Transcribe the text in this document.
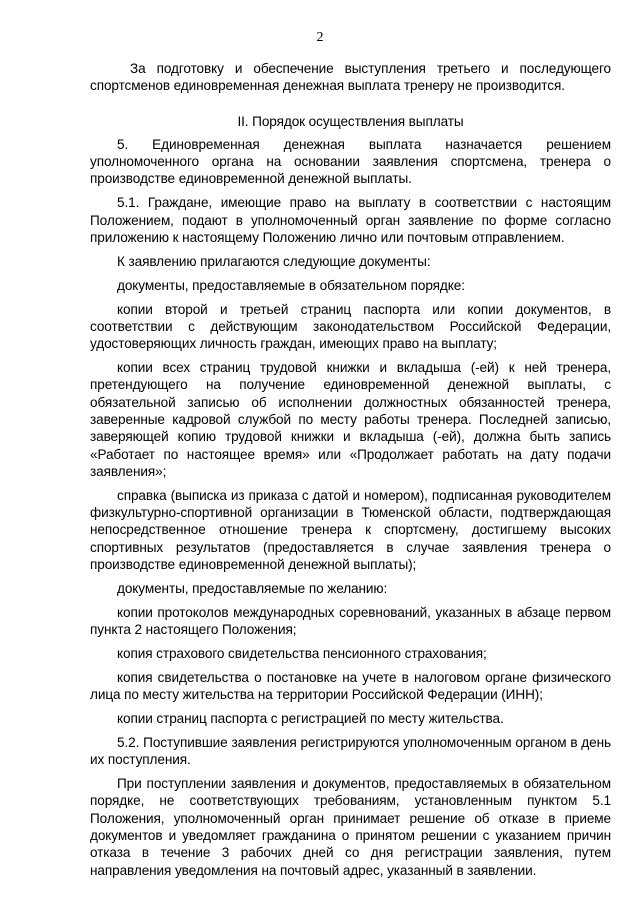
2

За подготовку и обеспечение выступления третьего и последующего спортсменов единовременная денежная выплата тренеру не производится.

II. Порядок осуществления выплаты

5. Единовременная денежная выплата назначается решением уполномоченного органа на основании заявления спортсмена, тренера о производстве единовременной денежной выплаты.

5.1. Граждане, имеющие право на выплату в соответствии с настоящим Положением, подают в уполномоченный орган заявление по форме согласно приложению к настоящему Положению лично или почтовым отправлением.

К заявлению прилагаются следующие документы:

документы, предоставляемые в обязательном порядке:

копии второй и третьей страниц паспорта или копии документов, в соответствии с действующим законодательством Российской Федерации, удостоверяющих личность граждан, имеющих право на выплату;

копии всех страниц трудовой книжки и вкладыша (-ей) к ней тренера, претендующего на получение единовременной денежной выплаты, с обязательной записью об исполнении должностных обязанностей тренера, заверенные кадровой службой по месту работы тренера. Последней записью, заверяющей копию трудовой книжки и вкладыша (-ей), должна быть запись «Работает по настоящее время» или «Продолжает работать на дату подачи заявления»;

справка (выписка из приказа с датой и номером), подписанная руководителем физкультурно-спортивной организации в Тюменской области, подтверждающая непосредственное отношение тренера к спортсмену, достигшему высоких спортивных результатов (предоставляется в случае заявления тренера о производстве единовременной денежной выплаты);

документы, предоставляемые по желанию:

копии протоколов международных соревнований, указанных в абзаце первом пункта 2 настоящего Положения;

копия страхового свидетельства пенсионного страхования;

копия свидетельства о постановке на учете в налоговом органе физического лица по месту жительства на территории Российской Федерации (ИНН);

копии страниц паспорта с регистрацией по месту жительства.

5.2. Поступившие заявления регистрируются уполномоченным органом в день их поступления.

При поступлении заявления и документов, предоставляемых в обязательном порядке, не соответствующих требованиям, установленным пунктом 5.1 Положения, уполномоченный орган принимает решение об отказе в приеме документов и уведомляет гражданина о принятом решении с указанием причин отказа в течение 3 рабочих дней со дня регистрации заявления, путем направления уведомления на почтовый адрес, указанный в заявлении.
